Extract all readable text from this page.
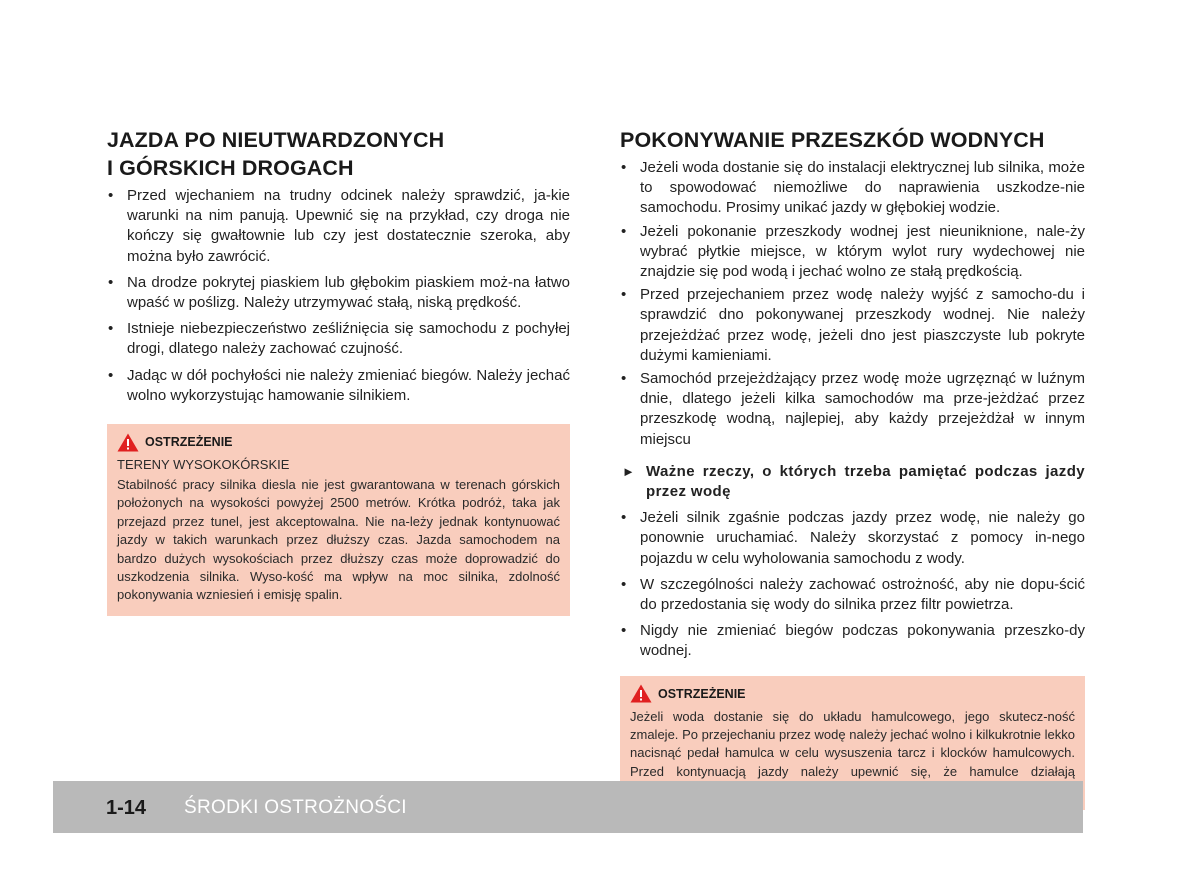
JAZDA PO NIEUTWARDZONYCH
I GÓRSKICH DROGACH
• Przed wjechaniem na trudny odcinek należy sprawdzić, ja-kie warunki na nim panują. Upewnić się na przykład, czy droga nie kończy się gwałtownie lub czy jest dostatecznie szeroka, aby można było zawrócić.
• Na drodze pokrytej piaskiem lub głębokim piaskiem moż-na łatwo wpaść w poślizg. Należy utrzymywać stałą, niską prędkość.
• Istnieje niebezpieczeństwo ześliźnięcia się samochodu z pochyłej drogi, dlatego należy zachować czujność.
• Jadąc w dół pochyłości nie należy zmieniać biegów. Należy jechać wolno wykorzystując hamowanie silnikiem.
OSTRZEŻENIE
TERENY WYSOKOKÓRSKIE
Stabilność pracy silnika diesla nie jest gwarantowana w terenach górskich położonych na wysokości powyżej 2500 metrów. Krótka podróż, taka jak przejazd przez tunel, jest akceptowalna. Nie na-leży jednak kontynuować jazdy w takich warunkach przez dłuższy czas. Jazda samochodem na bardzo dużych wysokościach przez dłuższy czas może doprowadzić do uszkodzenia silnika. Wyso-kość ma wpływ na moc silnika, zdolność pokonywania wzniesień i emisję spalin.
POKONYWANIE PRZESZKÓD WODNYCH
• Jeżeli woda dostanie się do instalacji elektrycznej lub silnika, może to spowodować niemożliwe do naprawienia uszkodze-nie samochodu. Prosimy unikać jazdy w głębokiej wodzie.
• Jeżeli pokonanie przeszkody wodnej jest nieuniknione, nale-ży wybrać płytkie miejsce, w którym wylot rury wydechowej nie znajdzie się pod wodą i jechać wolno ze stałą prędkością.
• Przed przejechaniem przez wodę należy wyjść z samocho-du i sprawdzić dno pokonywanej przeszkody wodnej. Nie należy przejeżdżać przez wodę, jeżeli dno jest piaszczyste lub pokryte dużymi kamieniami.
• Samochód przejeżdżający przez wodę może ugrzęznąć w luźnym dnie, dlatego jeżeli kilka samochodów ma prze-jeżdżać przez przeszkodę wodną, najlepiej, aby każdy przejeżdżał w innym miejscu
► Ważne rzeczy, o których trzeba pamiętać podczas jazdy przez wodę
• Jeżeli silnik zgaśnie podczas jazdy przez wodę, nie należy go ponownie uruchamiać. Należy skorzystać z pomocy in-nego pojazdu w celu wyholowania samochodu z wody.
• W szczególności należy zachować ostrożność, aby nie dopu-ścić do przedostania się wody do silnika przez filtr powietrza.
• Nigdy nie zmieniać biegów podczas pokonywania przeszko-dy wodnej.
OSTRZEŻENIE
Jeżeli woda dostanie się do układu hamulcowego, jego skutecz-ność zmaleje. Po przejechaniu przez wodę należy jechać wolno i kilkukrotnie lekko nacisnąć pedał hamulca w celu wysuszenia tarcz i klocków hamulcowych. Przed kontynuacją jazdy należy upewnić się, że hamulce działają
1-14 ŚRODKI OSTROŻNOŚCI
